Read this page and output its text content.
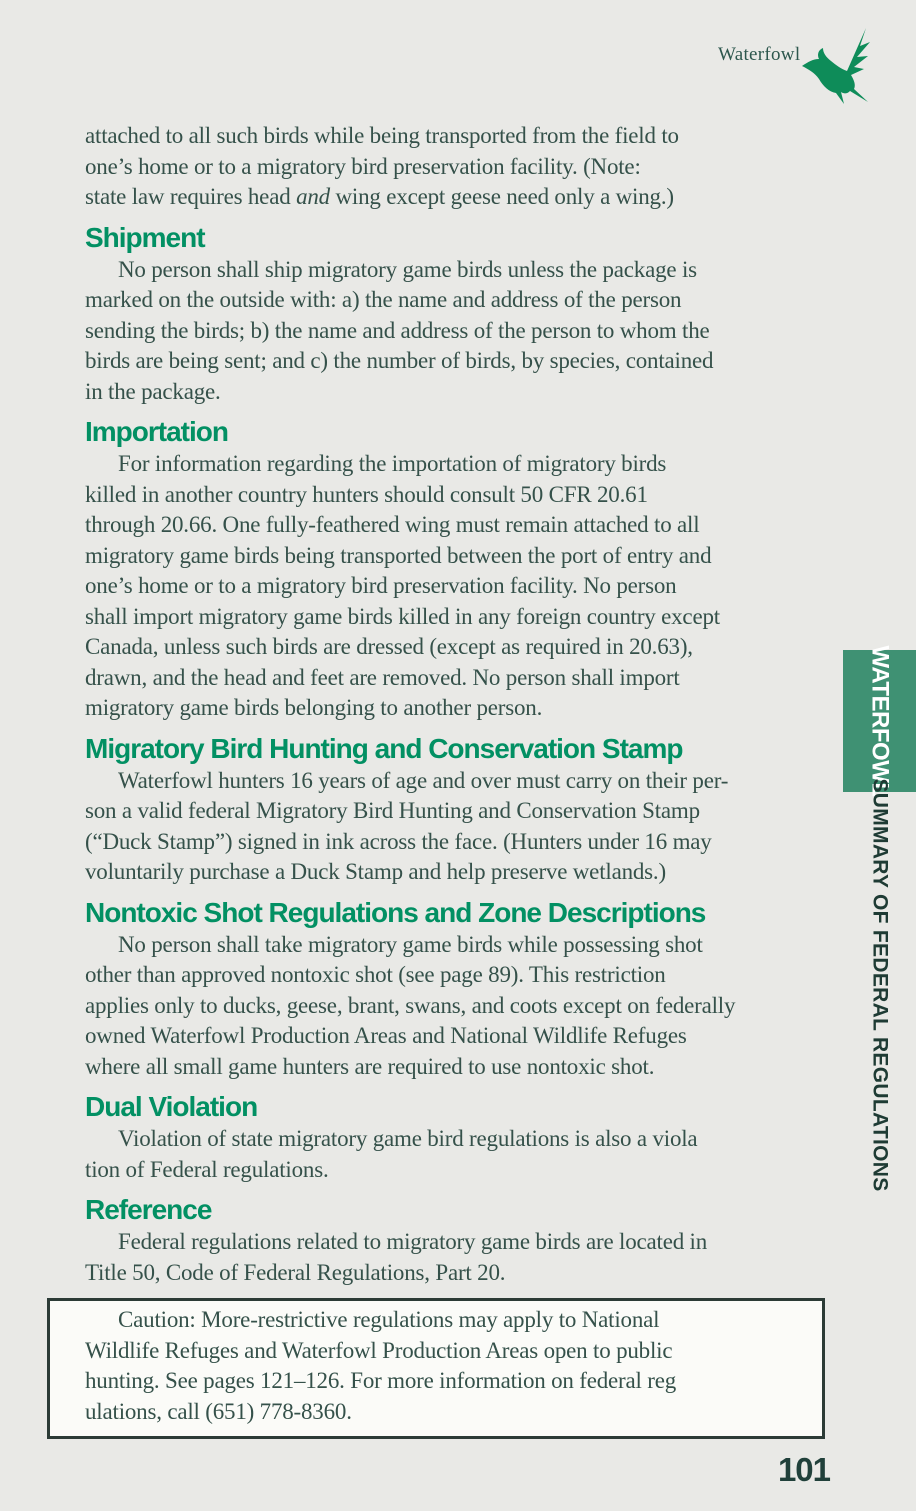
Waterfowl
attached to all such birds while being transported from the field to
one’s home or to a migratory bird preservation facility. (Note:
state law requires head and wing except geese need only a wing.)
Shipment
No person shall ship migratory game birds unless the package is
marked on the outside with: a) the name and address of the person
sending the birds; b) the name and address of the person to whom the
birds are being sent; and c) the number of birds, by species, contained
in the package.
Importation
For information regarding the importation of migratory birds
killed in another country hunters should consult 50 CFR 20.61
through 20.66. One fully-feathered wing must remain attached to all
migratory game birds being transported between the port of entry and
one’s home or to a migratory bird preservation facility. No person
shall import migratory game birds killed in any foreign country except
Canada, unless such birds are dressed (except as required in 20.63),
drawn, and the head and feet are removed. No person shall import
migratory game birds belonging to another person.
Migratory Bird Hunting and Conservation Stamp
Waterfowl hunters 16 years of age and over must carry on their per-
son a valid federal Migratory Bird Hunting and Conservation Stamp
(“Duck Stamp”) signed in ink across the face. (Hunters under 16 may
voluntarily purchase a Duck Stamp and help preserve wetlands.)
Nontoxic Shot Regulations and Zone Descriptions
No person shall take migratory game birds while possessing shot
other than approved nontoxic shot (see page 89). This restriction
applies only to ducks, geese, brant, swans, and coots except on federally
owned Waterfowl Production Areas and National Wildlife Refuges
where all small game hunters are required to use nontoxic shot.
Dual Violation
Violation of state migratory game bird regulations is also a viola
tion of Federal regulations.
Reference
Federal regulations related to migratory game birds are located in
Title 50, Code of Federal Regulations, Part 20.
Caution: More-restrictive regulations may apply to National
Wildlife Refuges and Waterfowl Production Areas open to public
hunting. See pages 121–126. For more information on federal reg
ulations, call (651) 778-8360.
101
WATERFOWL
SUMMARY OF FEDERAL REGULATIONS
